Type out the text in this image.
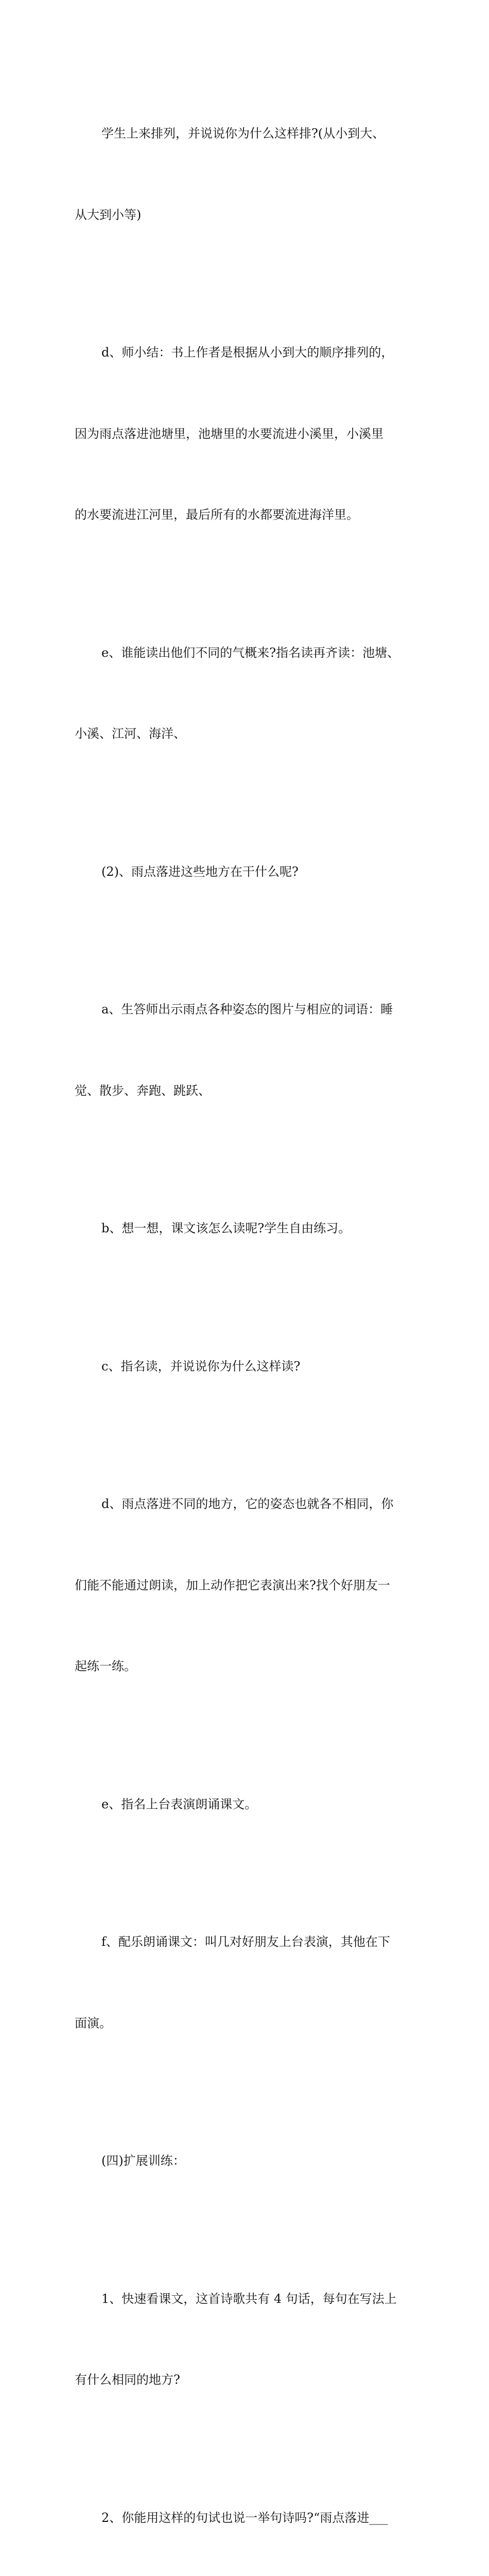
学生上来排列，并说说你为什么这样排?(从小到大、

从大到小等)

d、师小结：书上作者是根据从小到大的顺序排列的，

因为雨点落进池塘里，池塘里的水要流进小溪里，小溪里

的水要流进江河里，最后所有的水都要流进海洋里。

e、谁能读出他们不同的气概来?指名读再齐读：池塘、

小溪、江河、海洋、

(2)、雨点落进这些地方在干什么呢?

a、生答师出示雨点各种姿态的图片与相应的词语：睡

觉、散步、奔跑、跳跃、

b、想一想，课文该怎么读呢?学生自由练习。

c、指名读，并说说你为什么这样读?

d、雨点落进不同的地方，它的姿态也就各不相同，你

们能不能通过朗读，加上动作把它表演出来?找个好朋友一

起练一练。

e、指名上台表演朗诵课文。

f、配乐朗诵课文：叫几对好朋友上台表演，其他在下

面演。

(四)扩展训练：

1、快速看课文，这首诗歌共有 4 句话，每句在写法上

有什么相同的地方?

2、你能用这样的句试也说一举句诗吗?“雨点落进___
